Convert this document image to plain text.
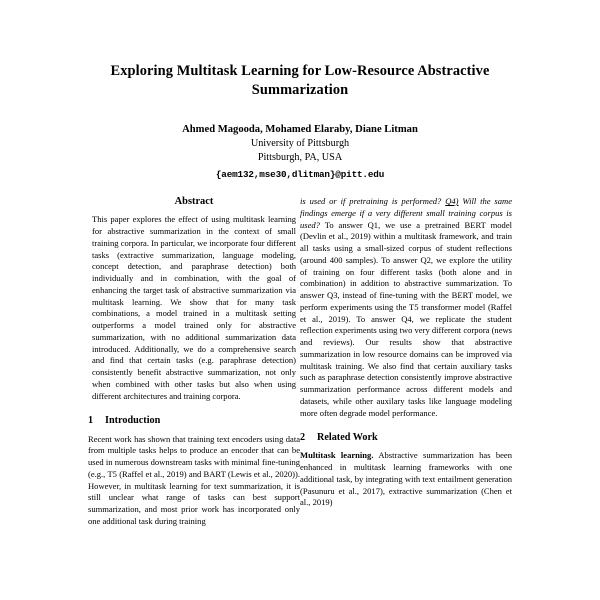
Exploring Multitask Learning for Low-Resource Abstractive Summarization
Ahmed Magooda, Mohamed Elaraby, Diane Litman
University of Pittsburgh
Pittsburgh, PA, USA
{aem132,mse30,dlitman}@pitt.edu
Abstract

This paper explores the effect of using multitask learning for abstractive summarization in the context of small training corpora. In particular, we incorporate four different tasks (extractive summarization, language modeling, concept detection, and paraphrase detection) both individually and in combination, with the goal of enhancing the target task of abstractive summarization via multitask learning. We show that for many task combinations, a model trained in a multitask setting outperforms a model trained only for abstractive summarization, with no additional summarization data introduced. Additionally, we do a comprehensive search and find that certain tasks (e.g. paraphrase detection) consistently benefit abstractive summarization, not only when combined with other tasks but also when using different architectures and training corpora.

1	Introduction

Recent work has shown that training text encoders using data from multiple tasks helps to produce an encoder that can be used in numerous downstream tasks with minimal fine-tuning (e.g., T5 (Raffel et al., 2019) and BART (Lewis et al., 2020)). However, in multitask learning for text summarization, it is still unclear what range of tasks can best support summarization, and most prior work has incorporated only one additional task during training

is used or if pretraining is performed? Q4) Will the same findings emerge if a very different small training corpus is used? To answer Q1, we use a pretrained BERT model (Devlin et al., 2019) within a multitask framework, and train all tasks using a small-sized corpus of student reflections (around 400 samples). To answer Q2, we explore the utility of training on four different tasks (both alone and in combination) in addition to abstractive summarization. To answer Q3, instead of fine-tuning with the BERT model, we perform experiments using the T5 transformer model (Raffel et al., 2019). To answer Q4, we replicate the student reflection experiments using two very different corpora (news and reviews). Our results show that abstractive summarization in low resource domains can be improved via multitask training. We also find that certain auxiliary tasks such as paraphrase detection consistently improve abstractive summarization performance across different models and datasets, while other auxilary tasks like language modeling more often degrade model performance.

2	Related Work

Multitask learning. Abstractive summarization has been enhanced in multitask learning frameworks with one additional task, by integrating with text entailment generation (Pasunuru et al., 2017), extractive summarization (Chen et al., 2019)
